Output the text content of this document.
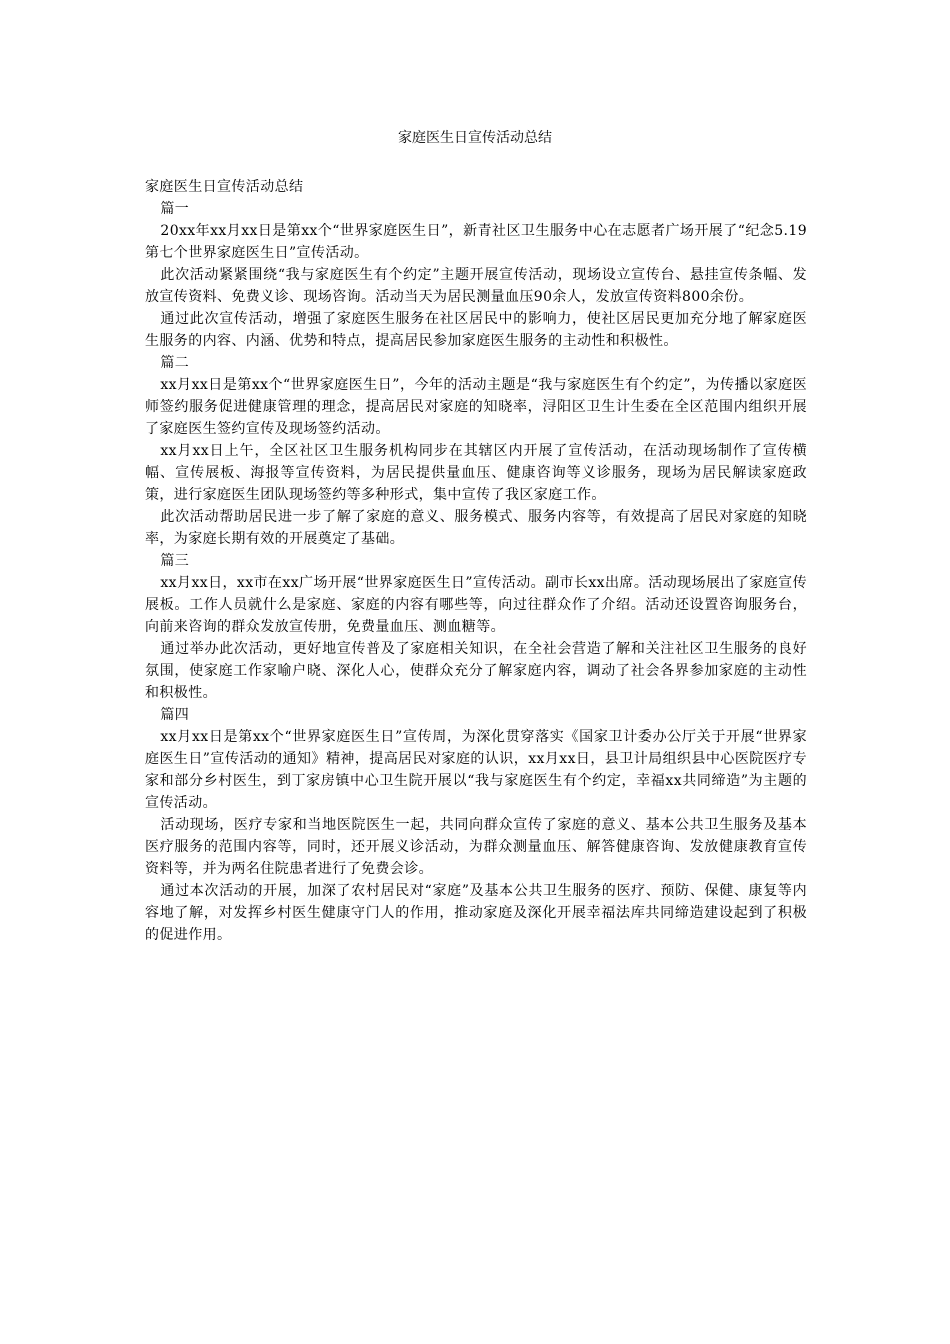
家庭医生日宣传活动总结

家庭医生日宣传活动总结

篇一

20xx年xx月xx日是第xx个“世界家庭医生日”，新青社区卫生服务中心在志愿者广场开展了“纪念5.19第七个世界家庭医生日”宣传活动。

此次活动紧紧围绕“我与家庭医生有个约定”主题开展宣传活动，现场设立宣传台、悬挂宣传条幅、发放宣传资料、免费义诊、现场咨询。活动当天为居民测量血压90余人，发放宣传资料800余份。

通过此次宣传活动，增强了家庭医生服务在社区居民中的影响力，使社区居民更加充分地了解家庭医生服务的内容、内涵、优势和特点，提高居民参加家庭医生服务的主动性和积极性。

篇二

xx月xx日是第xx个“世界家庭医生日”，今年的活动主题是“我与家庭医生有个约定”，为传播以家庭医师签约服务促进健康管理的理念，提高居民对家庭的知晓率，浔阳区卫生计生委在全区范围内组织开展了家庭医生签约宣传及现场签约活动。

xx月xx日上午，全区社区卫生服务机构同步在其辖区内开展了宣传活动，在活动现场制作了宣传横幅、宣传展板、海报等宣传资料，为居民提供量血压、健康咨询等义诊服务，现场为居民解读家庭政策，进行家庭医生团队现场签约等多种形式，集中宣传了我区家庭工作。

此次活动帮助居民进一步了解了家庭的意义、服务模式、服务内容等，有效提高了居民对家庭的知晓率，为家庭长期有效的开展奠定了基础。

篇三

xx月xx日，xx市在xx广场开展“世界家庭医生日”宣传活动。副市长xx出席。活动现场展出了家庭宣传展板。工作人员就什么是家庭、家庭的内容有哪些等，向过往群众作了介绍。活动还设置咨询服务台，向前来咨询的群众发放宣传册，免费量血压、测血糖等。

通过举办此次活动，更好地宣传普及了家庭相关知识，在全社会营造了解和关注社区卫生服务的良好氛围，使家庭工作家喻户晓、深化人心，使群众充分了解家庭内容，调动了社会各界参加家庭的主动性和积极性。

篇四

xx月xx日是第xx个“世界家庭医生日”宣传周，为深化贯穿落实《国家卫计委办公厅关于开展“世界家庭医生日”宣传活动的通知》精神，提高居民对家庭的认识，xx月xx日，县卫计局组织县中心医院医疗专家和部分乡村医生，到丁家房镇中心卫生院开展以“我与家庭医生有个约定，幸福xx共同缔造”为主题的宣传活动。

活动现场，医疗专家和当地医院医生一起，共同向群众宣传了家庭的意义、基本公共卫生服务及基本医疗服务的范围内容等，同时，还开展义诊活动，为群众测量血压、解答健康咨询、发放健康教育宣传资料等，并为两名住院患者进行了免费会诊。

通过本次活动的开展，加深了农村居民对“家庭”及基本公共卫生服务的医疗、预防、保健、康复等内容地了解，对发挥乡村医生健康守门人的作用，推动家庭及深化开展幸福法库共同缔造建设起到了积极的促进作用。
